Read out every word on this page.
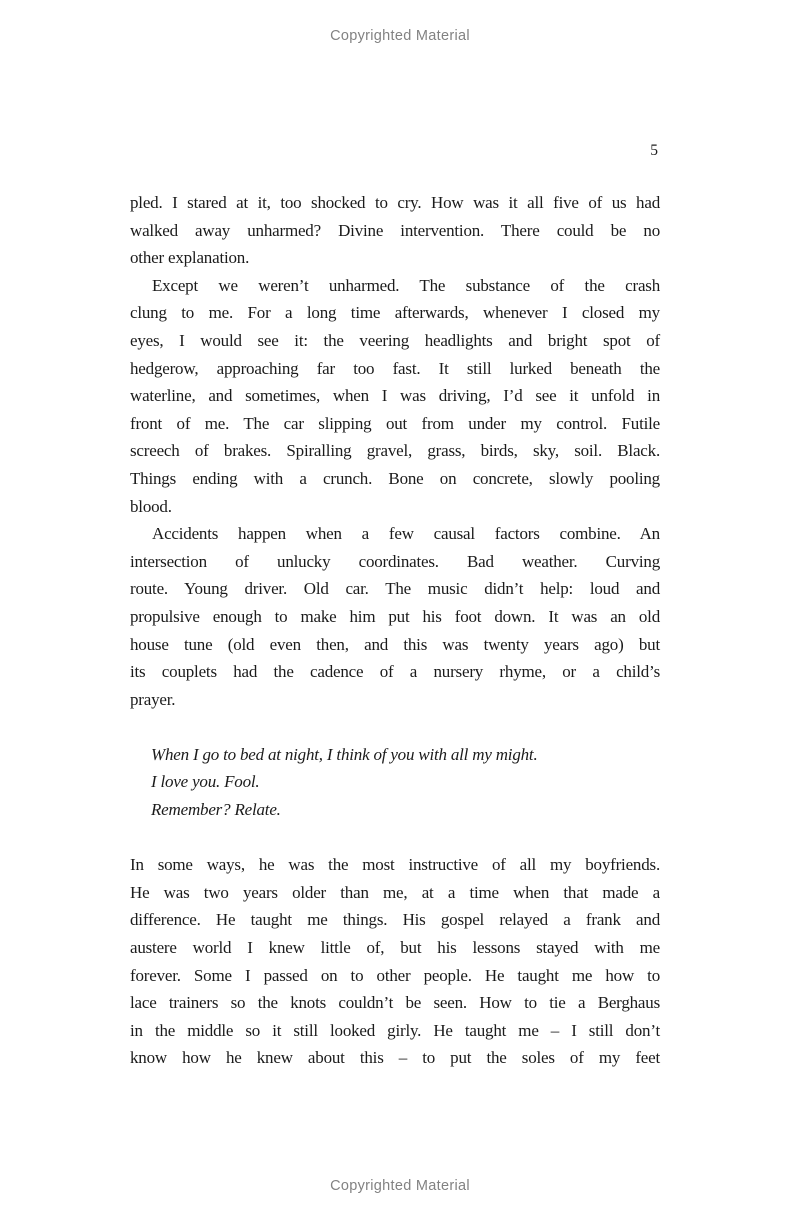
Copyrighted Material
5
pled. I stared at it, too shocked to cry. How was it all five of us had
walked away unharmed? Divine intervention. There could be no
other explanation.
Except we weren’t unharmed. The substance of the crash
clung to me. For a long time afterwards, whenever I closed my
eyes, I would see it: the veering headlights and bright spot of
hedgerow, approaching far too fast. It still lurked beneath the
waterline, and sometimes, when I was driving, I’d see it unfold in
front of me. The car slipping out from under my control. Futile
screech of brakes. Spiralling gravel, grass, birds, sky, soil. Black.
Things ending with a crunch. Bone on concrete, slowly pooling
blood.
Accidents happen when a few causal factors combine. An
intersection of unlucky coordinates. Bad weather. Curving
route. Young driver. Old car. The music didn’t help: loud and
propulsive enough to make him put his foot down. It was an old
house tune (old even then, and this was twenty years ago) but
its couplets had the cadence of a nursery rhyme, or a child’s
prayer.
When I go to bed at night, I think of you with all my might.
I love you. Fool.
Remember? Relate.
In some ways, he was the most instructive of all my boyfriends.
He was two years older than me, at a time when that made a
difference. He taught me things. His gospel relayed a frank and
austere world I knew little of, but his lessons stayed with me
forever. Some I passed on to other people. He taught me how to
lace trainers so the knots couldn’t be seen. How to tie a Berghaus
in the middle so it still looked girly. He taught me – I still don’t
know how he knew about this – to put the soles of my feet
Copyrighted Material
